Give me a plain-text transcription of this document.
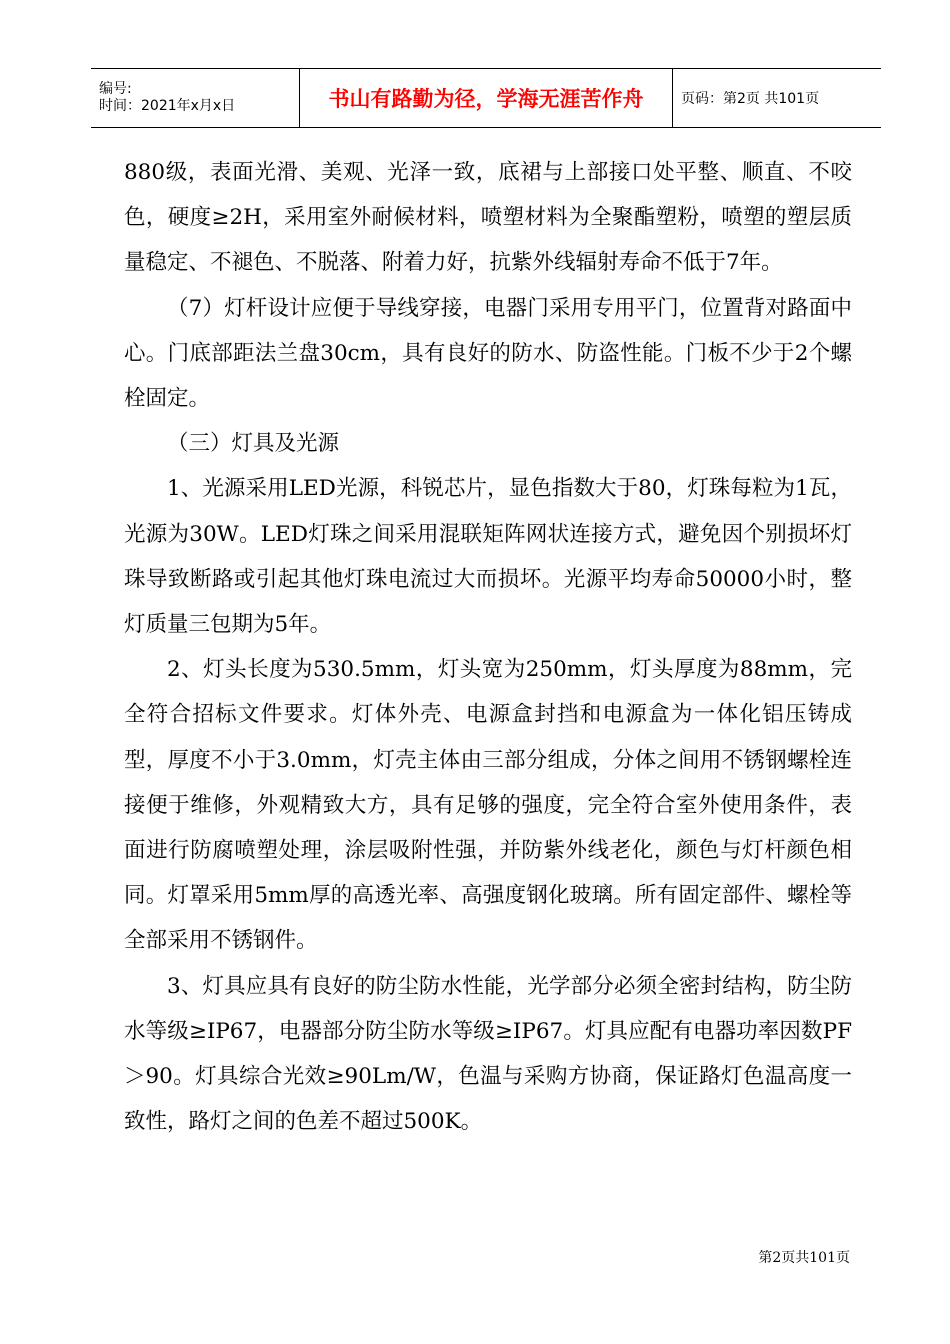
编号:
时间：2021年x月x日	书山有路勤为径，学海无涯苦作舟	页码：第2页 共101页

880级，表面光滑、美观、光泽一致，底裙与上部接口处平整、顺直、不咬色，硬度≥2H，采用室外耐候材料，喷塑材料为全聚酯塑粉，喷塑的塑层质量稳定、不褪色、不脱落、附着力好，抗紫外线辐射寿命不低于7年。

（7）灯杆设计应便于导线穿接，电器门采用专用平门，位置背对路面中心。门底部距法兰盘30cm，具有良好的防水、防盗性能。门板不少于2个螺栓固定。

（三）灯具及光源

1、光源采用LED光源，科锐芯片，显色指数大于80，灯珠每粒为1瓦，光源为30W。LED灯珠之间采用混联矩阵网状连接方式，避免因个别损坏灯珠导致断路或引起其他灯珠电流过大而损坏。光源平均寿命50000小时，整灯质量三包期为5年。

2、灯头长度为530.5mm，灯头宽为250mm，灯头厚度为88mm，完全符合招标文件要求。灯体外壳、电源盒封挡和电源盒为一体化铝压铸成型，厚度不小于3.0mm，灯壳主体由三部分组成，分体之间用不锈钢螺栓连接便于维修，外观精致大方，具有足够的强度，完全符合室外使用条件，表面进行防腐喷塑处理，涂层吸附性强，并防紫外线老化，颜色与灯杆颜色相同。灯罩采用5mm厚的高透光率、高强度钢化玻璃。所有固定部件、螺栓等全部采用不锈钢件。

3、灯具应具有良好的防尘防水性能，光学部分必须全密封结构，防尘防水等级≥IP67，电器部分防尘防水等级≥IP67。灯具应配有电器功率因数PF＞90。灯具综合光效≥90Lm/W，色温与采购方协商，保证路灯色温高度一致性，路灯之间的色差不超过500K。

第2页共101页
